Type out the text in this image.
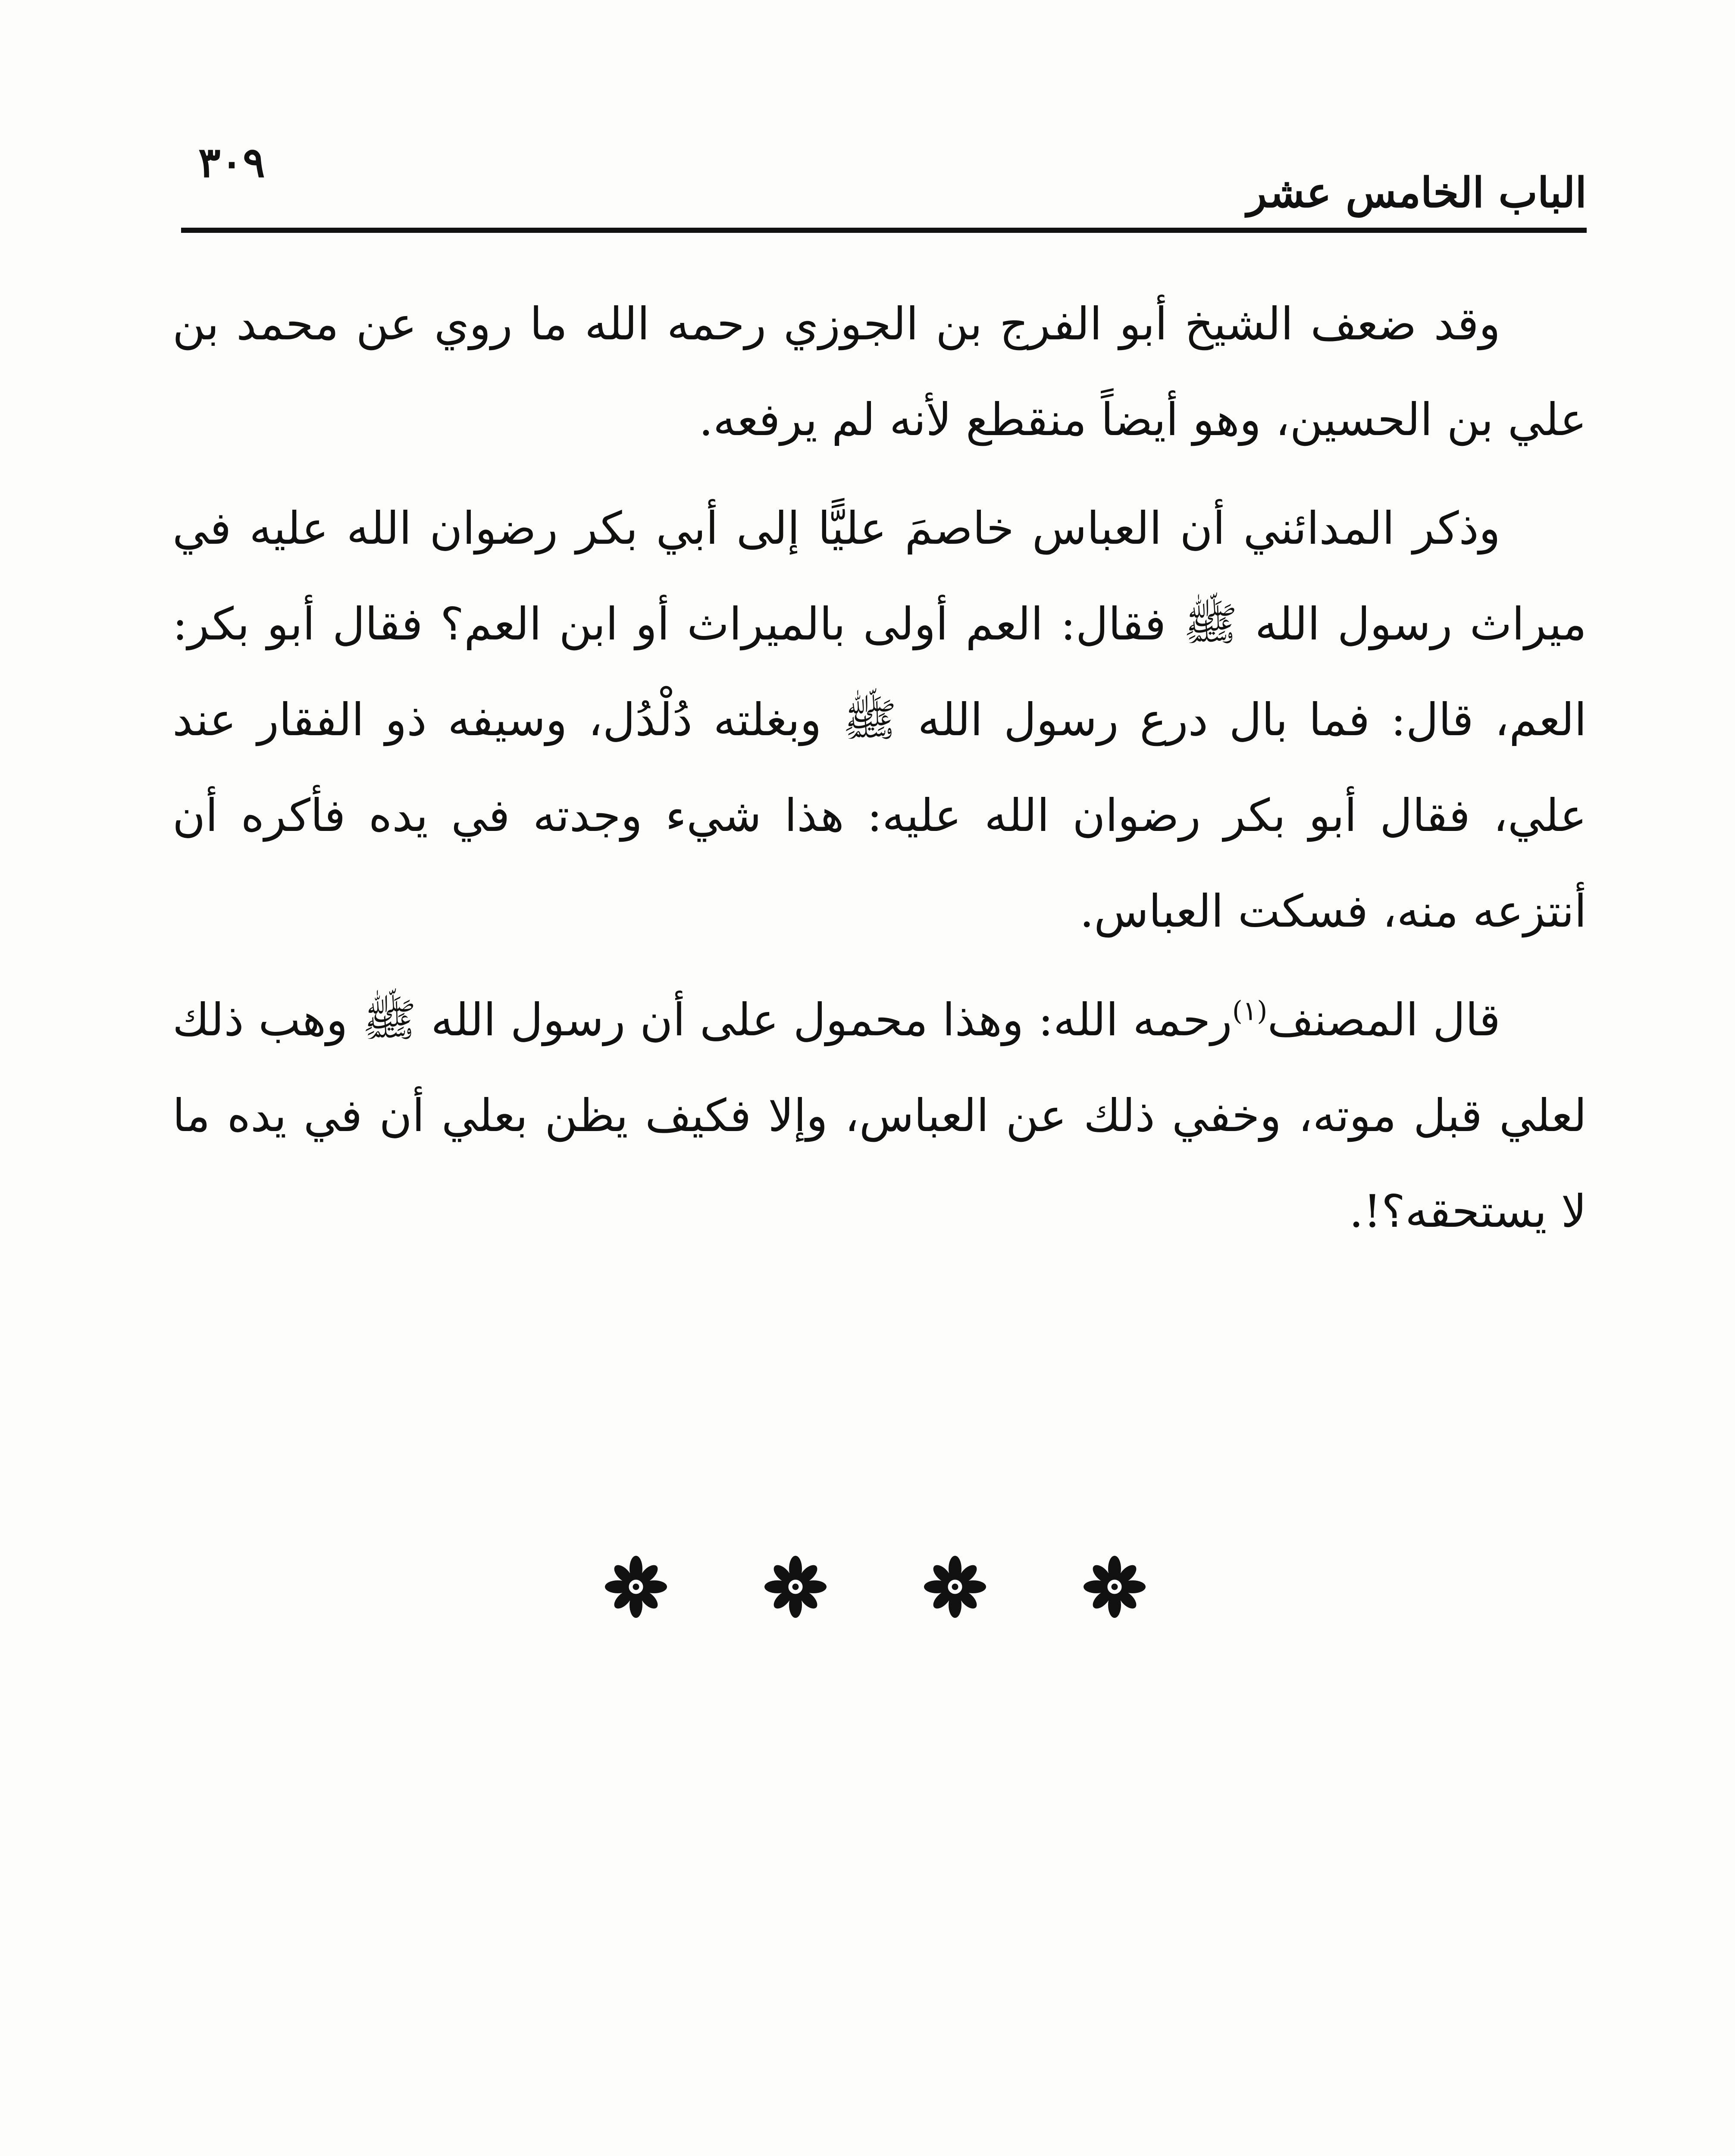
٣٠٩
الباب الخامس عشر

وقد ضعف الشيخ أبو الفرج بن الجوزي رحمه الله ما روي عن محمد بن علي بن الحسين، وهو أيضاً منقطع لأنه لم يرفعه.

وذكر المدائني أن العباس خاصمَ عليًّا إلى أبي بكر رضوان الله عليه في ميراث رسول الله ﷺ فقال: العم أولى بالميراث أو ابن العم؟ فقال أبو بكر: العم، قال: فما بال درع رسول الله ﷺ وبغلته دُلْدُل، وسيفه ذو الفقار عند علي، فقال أبو بكر رضوان الله عليه: هذا شيء وجدته في يده فأكره أن أنتزعه منه، فسكت العباس.

قال المصنف$^{(١)}$رحمه الله: وهذا محمول على أن رسول الله ﷺ وهب ذلك لعلي قبل موته، وخفي ذلك عن العباس، وإلا فكيف يظن بعلي أن في يده ما لا يستحقه؟!.
